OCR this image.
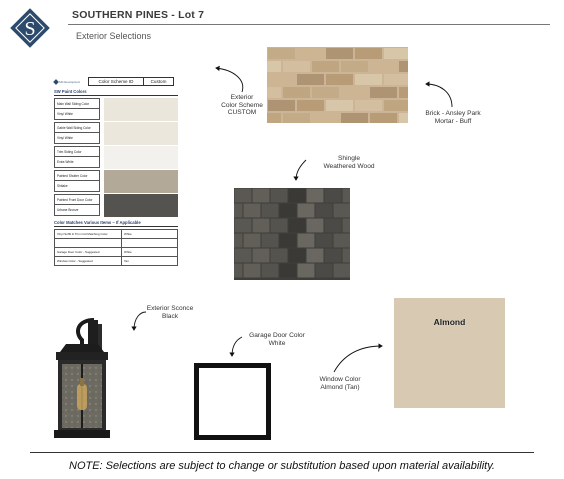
S
SOUTHERN PINES - Lot 7
Exterior Selections
SR Development	Color Scheme ID	Custom
SW Paint Colors
Main Wall Siding Color
Vinyl White
Gable Wall Siding Color
Vinyl White
Trim Siding Color
Extra White
Painted Shutter Color
Shitake
Painted Front Door Color
Urbane Bronze
Color Matches Various Items – If Applicable
Vinyl Soffit & Trim Coil Matching Color	White

Garage Door Color - Suggested	White
Window Color - Suggested	Tan
Almond
Exterior
Color Scheme
CUSTOM	Brick - Ansley Park
Mortar - Buff
Shingle
Weathered Wood
Exterior Sconce
Black
Garage Door Color
White
Window Color
Almond (Tan)
NOTE: Selections are subject to change or substitution based upon material availability.
